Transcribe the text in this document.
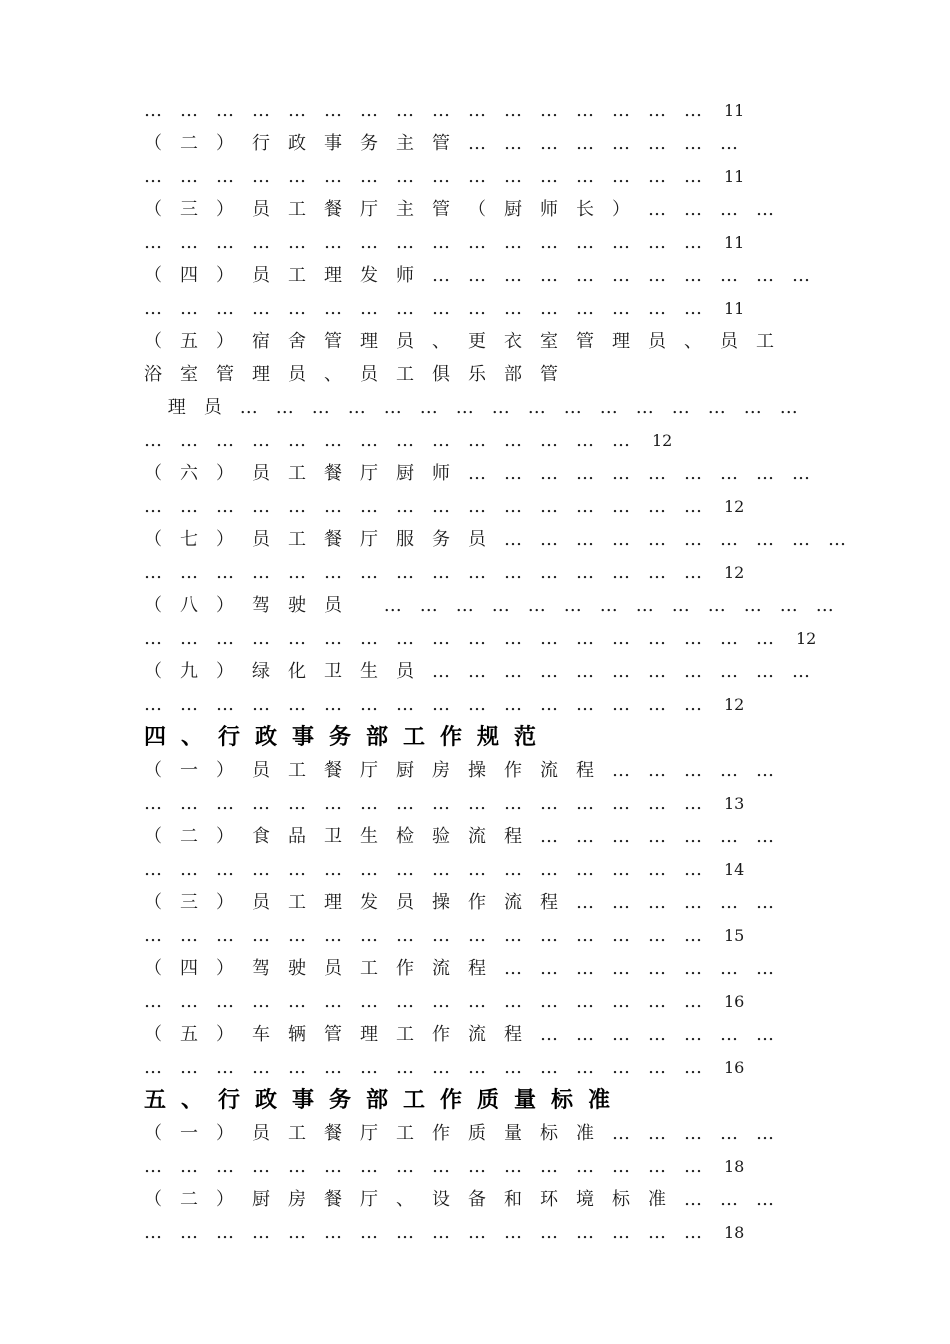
………………………………………… 11
（二）行政事务主管……………………
………………………………………… 11
（三）员工餐厅主管（厨师长）…………
………………………………………… 11
（四）员工理发师……………………………
………………………………………… 11
（五）宿舍管理员、更衣室管理员、员工
浴室管理员、员工俱乐部管
理员…………………………………………
…………………………………… 12
（六）员工餐厅厨师…………………………
………………………………………… 12
（七）员工餐厅服务员…………………………
………………………………………… 12
（八）驾驶员 …………………………………
……………………………………………… 12
（九）绿化卫生员……………………………
………………………………………… 12
四、行政事务部工作规范
（一）员工餐厅厨房操作流程……………
………………………………………… 13
（二）食品卫生检验流程…………………
………………………………………… 14
（三）员工理发员操作流程………………
………………………………………… 15
（四）驾驶员工作流程……………………
………………………………………… 16
（五）车辆管理工作流程…………………
………………………………………… 16
五、行政事务部工作质量标准
（一）员工餐厅工作质量标准……………
………………………………………… 18
（二）厨房餐厅、设备和环境标准………
………………………………………… 18
